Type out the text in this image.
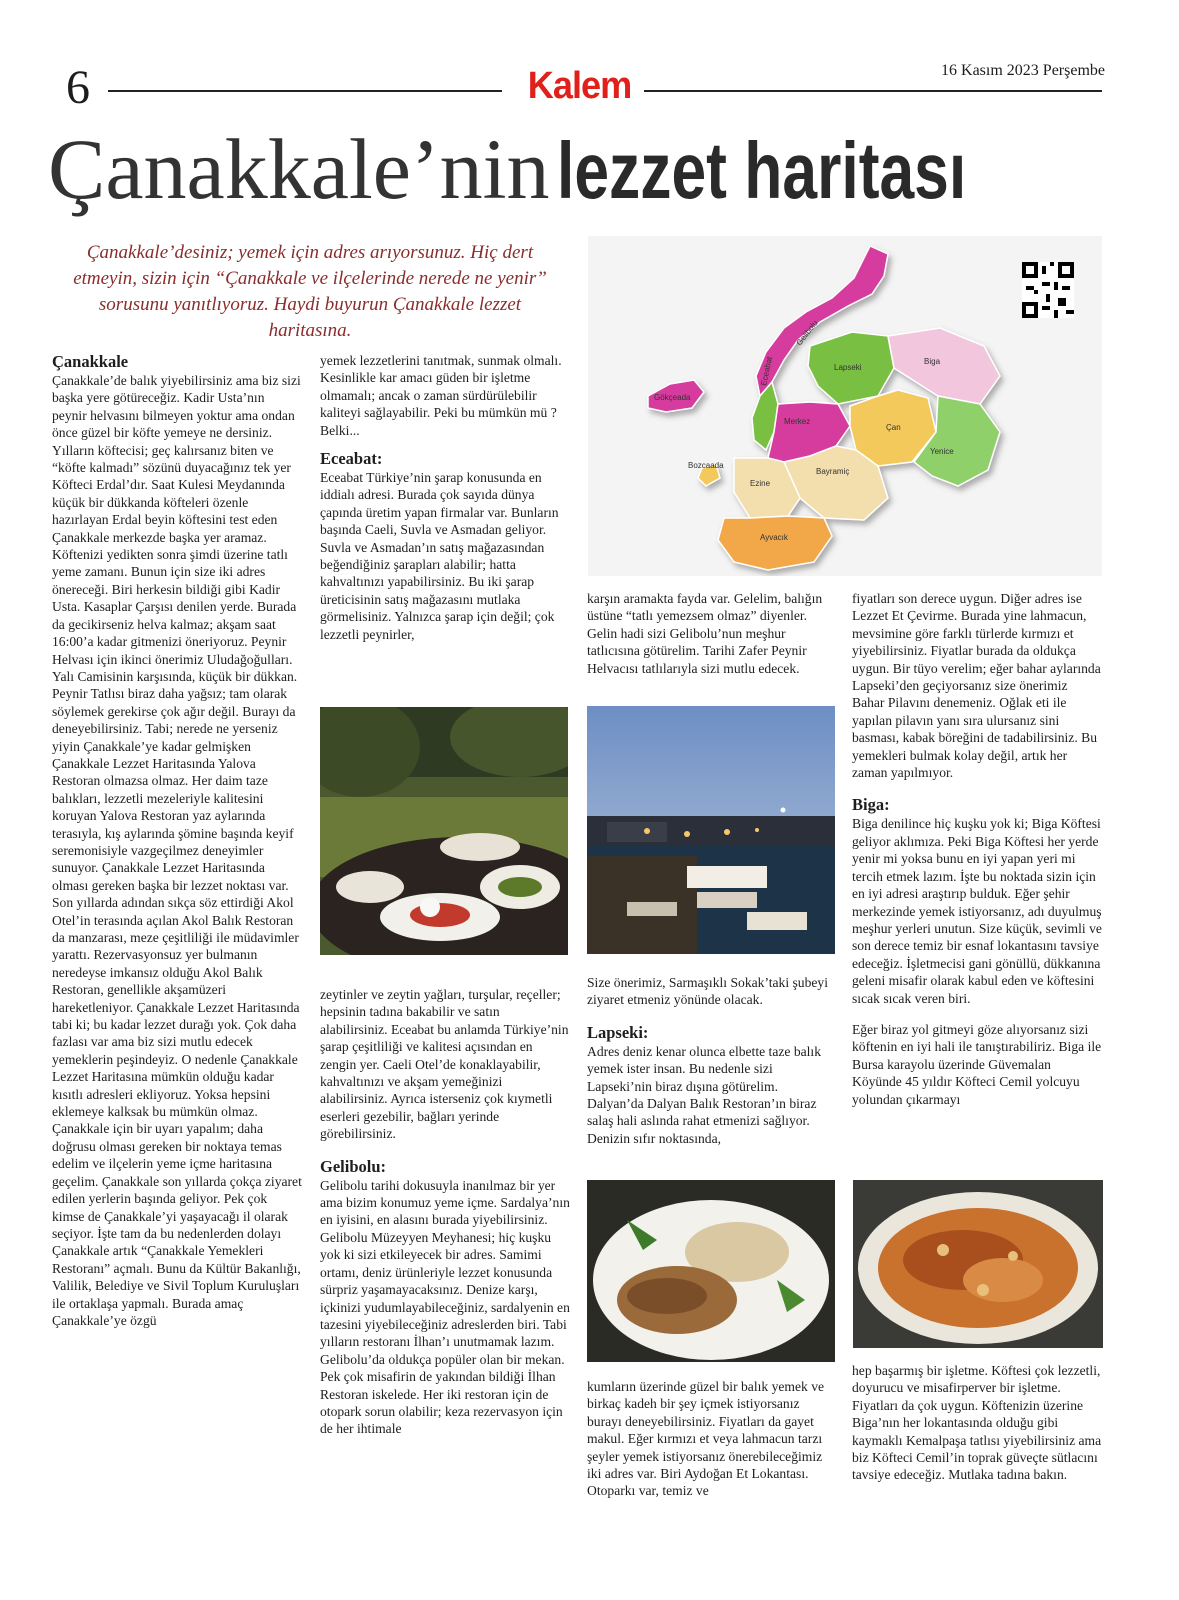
6	Kalem	16 Kasım 2023 Perşembe
Çanakkale’nin lezzet haritası
Çanakkale’desiniz; yemek için adres arıyorsunuz. Hiç dert etmeyin, sizin için “Çanakkale ve ilçelerinde nerede ne yenir” sorusunu yanıtlıyoruz. Haydi buyurun Çanakkale lezzet haritasına.	Gelibolu
Lapseki
Biga
Eceabat
Gökçeada
Merkez
Çan
Yenice
Bozcaada
Ezine
Bayramiç
Ayvacık
Çanakkale

Çanakkale’de balık yiyebilirsiniz ama biz sizi başka yere götüreceğiz. Kadir Usta’nın peynir helvasını bilmeyen yoktur ama ondan önce güzel bir köfte yemeye ne dersiniz. Yılların köftecisi; geç kalırsanız biten ve “köfte kalmadı” sözünü duyacağınız tek yer Köfteci Erdal’dır. Saat Kulesi Meydanında küçük bir dükkanda köfteleri özenle hazırlayan Erdal beyin köftesini test eden Çanakkale merkezde başka yer aramaz. Köftenizi yedikten sonra şimdi üzerine tatlı yeme zamanı. Bunun için size iki adres önereceği. Biri herkesin bildiği gibi Kadir Usta. Kasaplar Çarşısı denilen yerde. Burada da gecikirseniz helva kalmaz; akşam saat 16:00’a kadar gitmenizi öneriyoruz. Peynir Helvası için ikinci önerimiz Uludağoğulları. Yalı Camisinin karşısında, küçük bir dükkan. Peynir Tatlısı biraz daha yağsız; tam olarak söylemek gerekirse çok ağır değil. Burayı da deneyebilirsiniz. Tabi; nerede ne yerseniz yiyin Çanakkale’ye kadar gelmişken Çanakkale Lezzet Haritasında Yalova Restoran olmazsa olmaz. Her daim taze balıkları, lezzetli mezeleriyle kalitesini koruyan Yalova Restoran yaz aylarında terasıyla, kış aylarında şömine başında keyif seremonisiyle vazgeçilmez deneyimler sunuyor. Çanakkale Lezzet Haritasında olması gereken başka bir lezzet noktası var. Son yıllarda adından sıkça söz ettirdiği Akol Otel’in terasında açılan Akol Balık Restoran da manzarası, meze çeşitliliği ile müdavimler yarattı. Rezervasyonsuz yer bulmanın neredeyse imkansız olduğu Akol Balık Restoran, genellikle akşamüzeri hareketleniyor. Çanakkale Lezzet Haritasında tabi ki; bu kadar lezzet durağı yok. Çok daha fazlası var ama biz sizi mutlu edecek yemeklerin peşindeyiz. O nedenle Çanakkale Lezzet Haritasına mümkün olduğu kadar kısıtlı adresleri ekliyoruz. Yoksa hepsini eklemeye kalksak bu mümkün olmaz. Çanakkale için bir uyarı yapalım; daha doğrusu olması gereken bir noktaya temas edelim ve ilçelerin yeme içme haritasına geçelim. Çanakkale son yıllarda çokça ziyaret edilen yerlerin başında geliyor. Pek çok kimse de Çanakkale’yi yaşayacağı il olarak seçiyor. İşte tam da bu nedenlerden dolayı Çanakkale artık “Çanakkale Yemekleri Restoranı” açmalı. Bunu da Kültür Bakanlığı, Valilik, Belediye ve Sivil Toplum Kuruluşları ile ortaklaşa yapmalı. Burada amaç Çanakkale’ye özgü

yemek lezzetlerini tanıtmak, sunmak olmalı. Kesinlikle kar amacı güden bir işletme olmamalı; ancak o zaman sürdürülebilir kaliteyi sağlayabilir. Peki bu mümkün mü ? Belki...

Eceabat:

Eceabat Türkiye’nin şarap konusunda en iddialı adresi. Burada çok sayıda dünya çapında üretim yapan firmalar var. Bunların başında Caeli, Suvla ve Asmadan geliyor. Suvla ve Asmadan’ın satış mağazasından beğendiğiniz şarapları alabilir; hatta kahvaltınızı yapabilirsiniz. Bu iki şarap üreticisinin satış mağazasını mutlaka görmelisiniz. Yalnızca şarap için değil; çok lezzetli peynirler,

zeytinler ve zeytin yağları, turşular, reçeller; hepsinin tadına bakabilir ve satın alabilirsiniz. Eceabat bu anlamda Türkiye’nin şarap çeşitliliği ve kalitesi açısından en zengin yer. Caeli Otel’de konaklayabilir, kahvaltınızı ve akşam yemeğinizi alabilirsiniz. Ayrıca isterseniz çok kıymetli eserleri gezebilir, bağları yerinde görebilirsiniz.

Gelibolu:

Gelibolu tarihi dokusuyla inanılmaz bir yer ama bizim konumuz yeme içme. Sardalya’nın en iyisini, en alasını burada yiyebilirsiniz. Gelibolu Müzeyyen Meyhanesi; hiç kuşku yok ki sizi etkileyecek bir adres. Samimi ortamı, deniz ürünleriyle lezzet konusunda sürpriz yaşamayacaksınız. Denize karşı, içkinizi yudumlayabileceğiniz, sardalyenin en tazesini yiyebileceğiniz adreslerden biri. Tabi yılların restoranı İlhan’ı unutmamak lazım. Gelibolu’da oldukça popüler olan bir mekan. Pek çok misafirin de yakından bildiği İlhan Restoran iskelede. Her iki restoran için de otopark sorun olabilir; keza rezervasyon için de her ihtimale

karşın aramakta fayda var. Gelelim, balığın üstüne “tatlı yemezsem olmaz” diyenler. Gelin hadi sizi Gelibolu’nun meşhur tatlıcısına götürelim. Tarihi Zafer Peynir Helvacısı tatlılarıyla sizi mutlu edecek.

Size önerimiz, Sarmaşıklı Sokak’taki şubeyi ziyaret etmeniz yönünde olacak.

Lapseki:

Adres deniz kenar olunca elbette taze balık yemek ister insan. Bu nedenle sizi Lapseki’nin biraz dışına götürelim. Dalyan’da Dalyan Balık Restoran’ın biraz salaş hali aslında rahat etmenizi sağlıyor. Denizin sıfır noktasında,

kumların üzerinde güzel bir balık yemek ve birkaç kadeh bir şey içmek istiyorsanız burayı deneyebilirsiniz. Fiyatları da gayet makul. Eğer kırmızı et veya lahmacun tarzı şeyler yemek istiyorsanız önerebileceğimiz iki adres var. Biri Aydoğan Et Lokantası. Otoparkı var, temiz ve

fiyatları son derece uygun. Diğer adres ise Lezzet Et Çevirme. Burada yine lahmacun, mevsimine göre farklı türlerde kırmızı et yiyebilirsiniz. Fiyatlar burada da oldukça uygun. Bir tüyo verelim; eğer bahar aylarında Lapseki’den geçiyorsanız size önerimiz Bahar Pilavını denemeniz. Oğlak eti ile yapılan pilavın yanı sıra ulursanız sini basması, kabak böreğini de tadabilirsiniz. Bu yemekleri bulmak kolay değil, artık her zaman yapılmıyor.

Biga:

Biga denilince hiç kuşku yok ki; Biga Köftesi geliyor aklımıza. Peki Biga Köftesi her yerde yenir mi yoksa bunu en iyi yapan yeri mi tercih etmek lazım. İşte bu noktada sizin için en iyi adresi araştırıp bulduk. Eğer şehir merkezinde yemek istiyorsanız, adı duyulmuş meşhur yerleri unutun. Size küçük, sevimli ve son derece temiz bir esnaf lokantasını tavsiye edeceğiz. İşletmecisi gani gönüllü, dükkanına geleni misafir olarak kabul eden ve köftesini sıcak sıcak veren biri.

Eğer biraz yol gitmeyi göze alıyorsanız sizi köftenin en iyi hali ile tanıştırabiliriz. Biga ile Bursa karayolu üzerinde Güvemalan Köyünde 45 yıldır Köfteci Cemil yolcuyu yolundan çıkarmayı

hep başarmış bir işletme. Köftesi çok lezzetli, doyurucu ve misafirperver bir işletme. Fiyatları da çok uygun. Köftenizin üzerine Biga’nın her lokantasında olduğu gibi kaymaklı Kemalpaşa tatlısı yiyebilirsiniz ama biz Köfteci Cemil’in toprak güveçte sütlacını tavsiye edeceğiz. Mutlaka tadına bakın.
